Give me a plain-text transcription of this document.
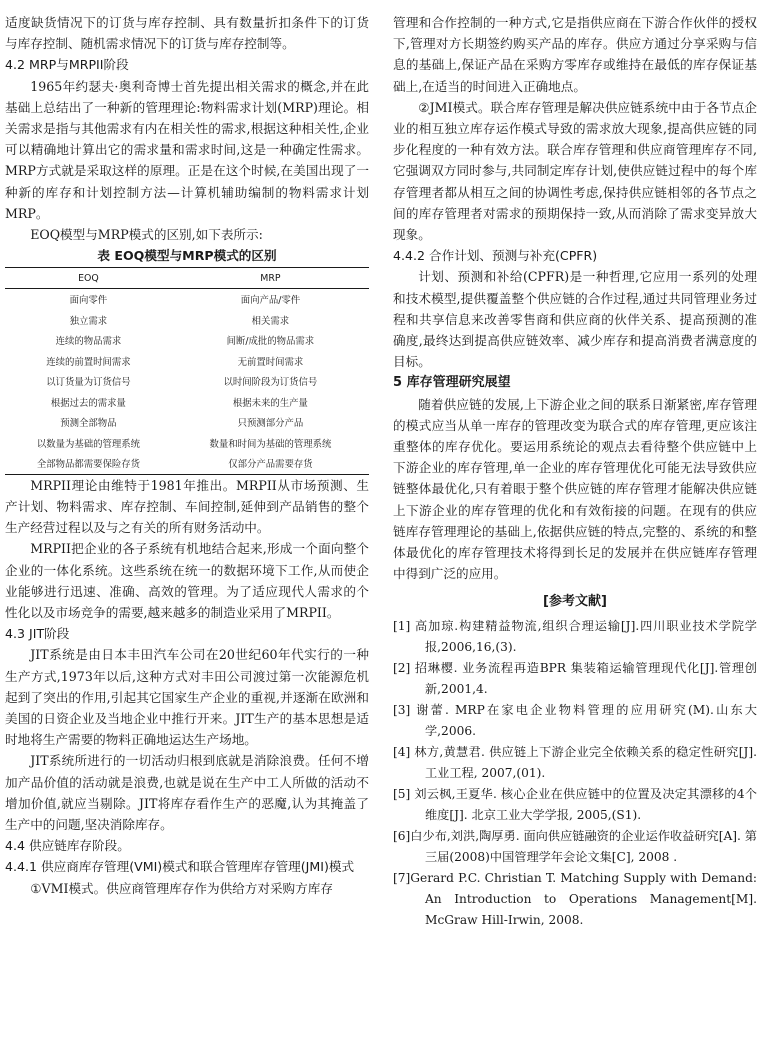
适度缺货情况下的订货与库存控制、具有数量折扣条件下的订货与库存控制、随机需求情况下的订货与库存控制等。

4.2 MRP与MRPII阶段

1965年约瑟夫·奥利奇博士首先提出相关需求的概念,并在此基础上总结出了一种新的管理理论:物料需求计划(MRP)理论。相关需求是指与其他需求有内在相关性的需求,根据这种相关性,企业可以精确地计算出它的需求量和需求时间,这是一种确定性需求。MRP方式就是采取这样的原理。正是在这个时候,在美国出现了一种新的库存和计划控制方法—计算机辅助编制的物料需求计划MRP。

EOQ模型与MRP模式的区别,如下表所示:

表 EOQ模型与MRP模式的区别

EOQ	MRP
面向零件	面向产品/零件
独立需求	相关需求
连续的物品需求	间断/成批的物品需求
连续的前置时间需求	无前置时间需求
以订货量为订货信号	以时间阶段为订货信号
根据过去的需求量	根据未来的生产量
预测全部物品	只预测部分产品
以数量为基础的管理系统	数量和时间为基础的管理系统
全部物品都需要保险存货	仅部分产品需要存货

MRPII理论由维特于1981年推出。MRPII从市场预测、生产计划、物料需求、库存控制、车间控制,延伸到产品销售的整个生产经营过程以及与之有关的所有财务活动中。

MRPII把企业的各子系统有机地结合起来,形成一个面向整个企业的一体化系统。这些系统在统一的数据环境下工作,从而使企业能够进行迅速、准确、高效的管理。为了适应现代人需求的个性化以及市场竞争的需要,越来越多的制造业采用了MRPII。

4.3 JIT阶段

JIT系统是由日本丰田汽车公司在20世纪60年代实行的一种生产方式,1973年以后,这种方式对丰田公司渡过第一次能源危机起到了突出的作用,引起其它国家生产企业的重视,并逐渐在欧洲和美国的日资企业及当地企业中推行开来。JIT生产的基本思想是适时地将生产需要的物料正确地运达生产场地。

JIT系统所进行的一切活动归根到底就是消除浪费。任何不增加产品价值的活动就是浪费,也就是说在生产中工人所做的活动不增加价值,就应当剔除。JIT将库存看作生产的恶魔,认为其掩盖了生产中的问题,坚决消除库存。

4.4 供应链库存阶段。

4.4.1 供应商库存管理(VMI)模式和联合管理库存管理(JMI)模式

①VMI模式。供应商管理库存作为供给方对采购方库存

管理和合作控制的一种方式,它是指供应商在下游合作伙伴的授权下,管理对方长期签约购买产品的库存。供应方通过分享采购与信息的基础上,保证产品在采购方零库存或维持在最低的库存保证基础上,在适当的时间进入正确地点。

②JMI模式。联合库存管理是解决供应链系统中由于各节点企业的相互独立库存运作模式导致的需求放大现象,提高供应链的同步化程度的一种有效方法。联合库存管理和供应商管理库存不同,它强调双方同时参与,共同制定库存计划,使供应链过程中的每个库存管理者都从相互之间的协调性考虑,保持供应链相邻的各节点之间的库存管理者对需求的预期保持一致,从而消除了需求变异放大现象。

4.4.2 合作计划、预测与补充(CPFR)

计划、预测和补给(CPFR)是一种哲理,它应用一系列的处理和技术模型,提供覆盖整个供应链的合作过程,通过共同管理业务过程和共享信息来改善零售商和供应商的伙伴关系、提高预测的准确度,最终达到提高供应链效率、减少库存和提高消费者满意度的目标。

5 库存管理研究展望

随着供应链的发展,上下游企业之间的联系日渐紧密,库存管理的模式应当从单一库存的管理改变为联合式的库存管理,更应该注重整体的库存优化。要运用系统论的观点去看待整个供应链中上下游企业的库存管理,单一企业的库存管理优化可能无法导致供应链整体最优化,只有着眼于整个供应链的库存管理才能解决供应链上下游企业的库存管理的优化和有效衔接的问题。在现有的供应链库存管理理论的基础上,依据供应链的特点,完整的、系统的和整体最优化的库存管理技术将得到长足的发展并在供应链库存管理中得到广泛的应用。

[参考文献]

[1] 高加琼.构建精益物流,组织合理运输[J].四川职业技术学院学报,2006,16,(3).

[2] 招琳樱. 业务流程再造BPR 集装箱运输管理现代化[J].管理创新,2001,4.

[3] 谢蕾. MRP在家电企业物料管理的应用研究(M).山东大学,2006.

[4] 林方,黄慧君. 供应链上下游企业完全依赖关系的稳定性研究[J]. 工业工程, 2007,(01).

[5] 刘云枫,王夏华. 核心企业在供应链中的位置及决定其漂移的4个维度[J]. 北京工业大学学报, 2005,(S1).

[6]白少布,刘洪,陶厚勇. 面向供应链融资的企业运作收益研究[A]. 第三届(2008)中国管理学年会论文集[C], 2008 .

[7]Gerard P.C. Christian T. Matching Supply with Demand: An Introduction to Operations Management[M]. McGraw Hill-Irwin, 2008.
